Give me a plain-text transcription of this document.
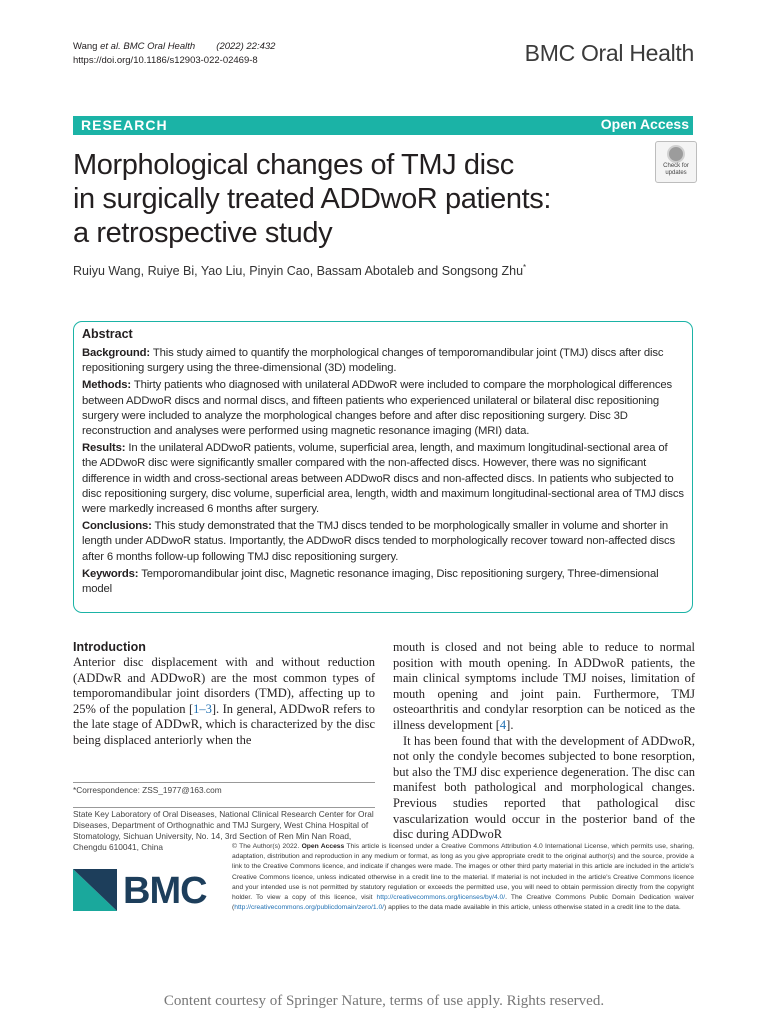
Wang et al. BMC Oral Health (2022) 22:432
https://doi.org/10.1186/s12903-022-02469-8	BMC Oral Health
RESEARCH	Open Access
Morphological changes of TMJ disc
in surgically treated ADDwoR patients:
a retrospective study
Check for
updates
Ruiyu Wang, Ruiye Bi, Yao Liu, Pinyin Cao, Bassam Abotaleb and Songsong Zhu*
Abstract

Background: This study aimed to quantify the morphological changes of temporomandibular joint (TMJ) discs after disc repositioning surgery using the three-dimensional (3D) modeling.

Methods: Thirty patients who diagnosed with unilateral ADDwoR were included to compare the morphological differences between ADDwoR discs and normal discs, and fifteen patients who experienced unilateral or bilateral disc repositioning surgery were included to analyze the morphological changes before and after disc repositioning surgery. Disc 3D reconstruction and analyses were performed using magnetic resonance imaging (MRI) data.

Results: In the unilateral ADDwoR patients, volume, superficial area, length, and maximum longitudinal-sectional area of the ADDwoR disc were significantly smaller compared with the non-affected discs. However, there was no significant difference in width and cross-sectional areas between ADDwoR discs and non-affected discs. In patients who subjected to disc repositioning surgery, disc volume, superficial area, length, width and maximum longitudinal-sectional area of TMJ discs were markedly increased 6 months after surgery.

Conclusions: This study demonstrated that the TMJ discs tended to be morphologically smaller in volume and shorter in length under ADDwoR status. Importantly, the ADDwoR discs tended to morphologically recover toward non-affected discs after 6 months follow-up following TMJ disc repositioning surgery.

Keywords: Temporomandibular joint disc, Magnetic resonance imaging, Disc repositioning surgery, Three-dimensional model

Introduction

Anterior disc displacement with and without reduction (ADDwR and ADDwoR) are the most common types of temporomandibular joint disorders (TMD), affecting up to 25% of the population [1–3]. In general, ADDwoR refers to the late stage of ADDwR, which is characterized by the disc being displaced anteriorly when the

mouth is closed and not being able to reduce to normal position with mouth opening. In ADDwoR patients, the main clinical symptoms include TMJ noises, limitation of mouth opening and joint pain. Furthermore, TMJ osteoarthritis and condylar resorption can be noticed as the illness development [4].

It has been found that with the development of ADDwoR, not only the condyle becomes subjected to bone resorption, but also the TMJ disc experience degeneration. The disc can manifest both pathological and morphological changes. Previous studies reported that pathological disc vascularization would occur in the posterior band of the disc during ADDwoR

*Correspondence: ZSS_1977@163.com
State Key Laboratory of Oral Diseases, National Clinical Research Center for Oral Diseases, Department of Orthognathic and TMJ Surgery, West China Hospital of Stomatology, Sichuan University, No. 14, 3rd Section of Ren Min Nan Road, Chengdu 610041, China
BMC
© The Author(s) 2022. Open Access This article is licensed under a Creative Commons Attribution 4.0 International License, which permits use, sharing, adaptation, distribution and reproduction in any medium or format, as long as you give appropriate credit to the original author(s) and the source, provide a link to the Creative Commons licence, and indicate if changes were made. The images or other third party material in this article are included in the article's Creative Commons licence, unless indicated otherwise in a credit line to the material. If material is not included in the article's Creative Commons licence and your intended use is not permitted by statutory regulation or exceeds the permitted use, you will need to obtain permission directly from the copyright holder. To view a copy of this licence, visit http://creativecommons.org/licenses/by/4.0/. The Creative Commons Public Domain Dedication waiver (http://creativecommons.org/publicdomain/zero/1.0/) applies to the data made available in this article, unless otherwise stated in a credit line to the data.
Content courtesy of Springer Nature, terms of use apply. Rights reserved.
